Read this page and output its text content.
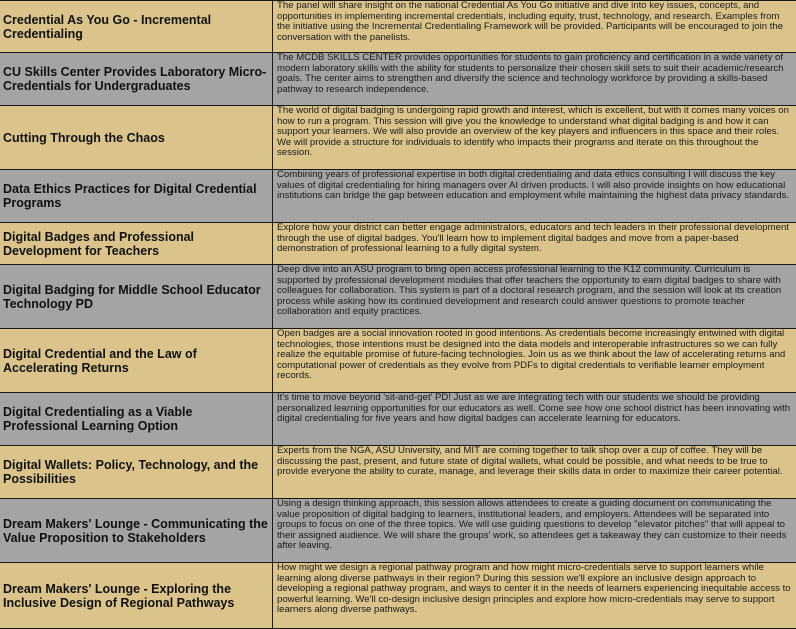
Credential As You Go - Incremental Credentialing
The panel will share insight on the national Credential As You Go initiative and dive into key issues, concepts, and opportunities in implementing incremental credentials, including equity, trust, technology, and research. Examples from the initiative using the Incremental Credentialing Framework will be provided. Participants will be encouraged to join the conversation with the panelists.
CU Skills Center Provides Laboratory Micro-Credentials for Undergraduates
The MCDB SKILLS CENTER provides opportunities for students to gain proficiency and certification in a wide variety of modern laboratory skills with the ability for students to personalize their chosen skill sets to suit their academic/research goals. The center aims to strengthen and diversify the science and technology workforce by providing a skills-based pathway to research independence.
Cutting Through the Chaos
The world of digital badging is undergoing rapid growth and interest, which is excellent, but with it comes many voices on how to run a program. This session will give you the knowledge to understand what digital badging is and how it can support your learners. We will also provide an overview of the key players and influencers in this space and their roles. We will provide a structure for individuals to identify who impacts their programs and iterate on this throughout the session.
Data Ethics Practices for Digital Credential Programs
Combining years of professional expertise in both digital credentialing and data ethics consulting I will discuss the key values of digital credentialing for hiring managers over AI driven products. I will also provide insights on how educational institutions can bridge the gap between education and employment while maintaining the highest data privacy standards.
Digital Badges and Professional Development for Teachers
Explore how your district can better engage administrators, educators and tech leaders in their professional development through the use of digital badges. You'll learn how to implement digital badges and move from a paper-based demonstration of professional learning to a fully digital system.
Digital Badging for Middle School Educator Technology PD
Deep dive into an ASU program to bring open access professional learning to the K12 community. Curriculum is supported by professional development modules that offer teachers the opportunity to earn digital badges to share with colleagues for collaboration. This system is part of a doctoral research program, and the session will look at its creation process while asking how its continued development and research could answer questions to promote teacher collaboration and equity practices.
Digital Credential and the Law of Accelerating Returns
Open badges are a social innovation rooted in good intentions. As credentials become increasingly entwined with digital technologies, those intentions must be designed into the data models and interoperable infrastructures so we can fully realize the equitable promise of future-facing technologies. Join us as we think about the law of accelerating returns and computational power of credentials as they evolve from PDFs to digital credentials to verifiable learner employment records.
Digital Credentialing as a Viable Professional Learning Option
It's time to move beyond 'sit-and-get' PD! Just as we are integrating tech with our students we should be providing personalized learning opportunities for our educators as well. Come see how one school district has been innovating with digital credentialing for five years and how digital badges can accelerate learning for educators.
Digital Wallets: Policy, Technology, and the Possibilities
Experts from the NGA, ASU University, and MIT are coming together to talk shop over a cup of coffee. They will be discussing the past, present, and future state of digital wallets, what could be possible, and what needs to be true to provide everyone the ability to curate, manage, and leverage their skills data in order to maximize their career potential.
Dream Makers' Lounge - Communicating the Value Proposition to Stakeholders
Using a design thinking approach, this session allows attendees to create a guiding document on communicating the value proposition of digital badging to learners, institutional leaders, and employers. Attendees will be separated into groups to focus on one of the three topics. We will use guiding questions to develop "elevator pitches" that will appeal to their assigned audience. We will share the groups' work, so attendees get a takeaway they can customize to their needs after leaving.
Dream Makers' Lounge - Exploring the Inclusive Design of Regional Pathways
How might we design a regional pathway program and how might micro-credentials serve to support learners while learning along diverse pathways in their region? During this session we'll explore an inclusive design approach to developing a regional pathway program, and ways to center it in the needs of learners experiencing inequitable access to powerful learning. We'll co-design inclusive design principles and explore how micro-credentials may serve to support learners along diverse pathways.
